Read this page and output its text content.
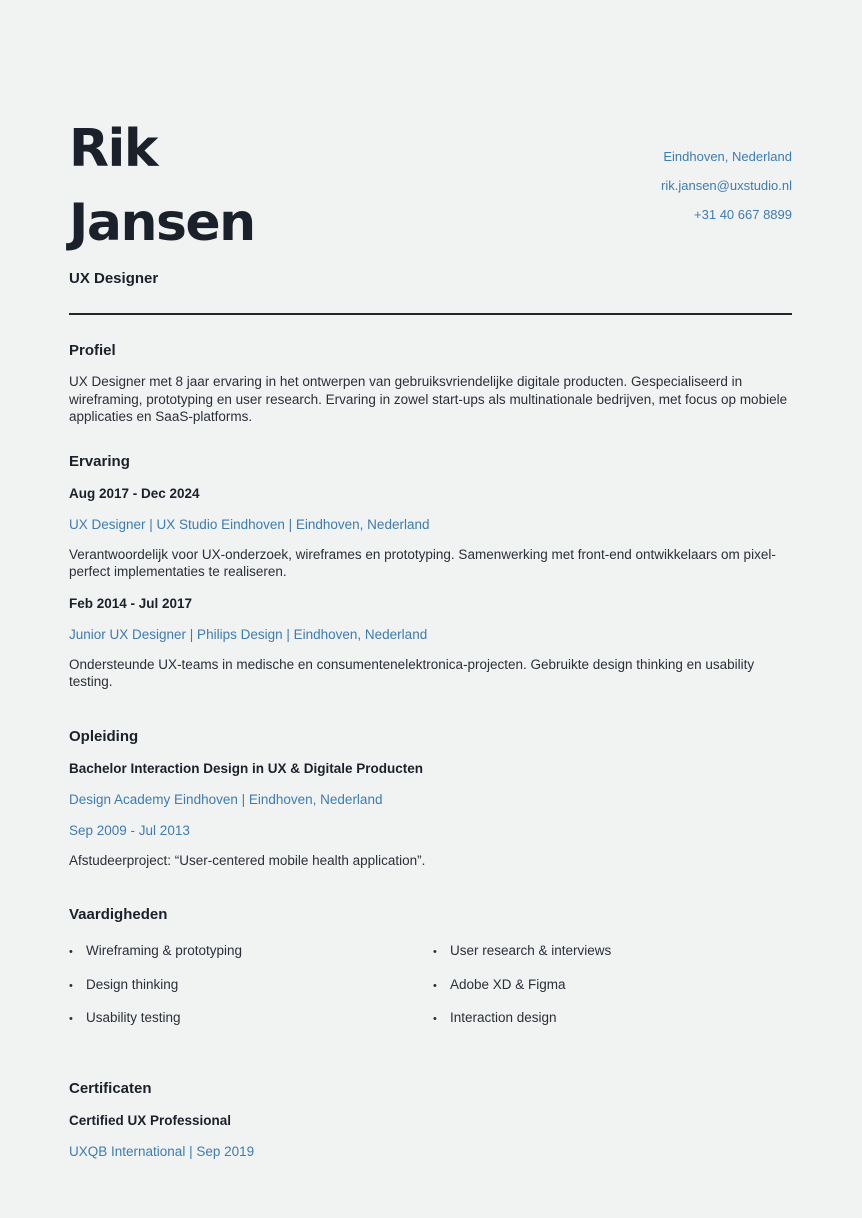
Rik
Jansen
UX Designer
Eindhoven, Nederland
rik.jansen@uxstudio.nl
+31 40 667 8899
Profiel

UX Designer met 8 jaar ervaring in het ontwerpen van gebruiksvriendelijke digitale producten. Gespecialiseerd in wireframing, prototyping en user research. Ervaring in zowel start-ups als multinationale bedrijven, met focus op mobiele applicaties en SaaS-platforms.

Ervaring
Aug 2017 - Dec 2024
UX Designer | UX Studio Eindhoven | Eindhoven, Nederland

Verantwoordelijk voor UX-onderzoek, wireframes en prototyping. Samenwerking met front-end ontwikkelaars om pixel-perfect implementaties te realiseren.

Feb 2014 - Jul 2017
Junior UX Designer | Philips Design | Eindhoven, Nederland

Ondersteunde UX-teams in medische en consumentenelektronica-projecten. Gebruikte design thinking en usability testing.

Opleiding
Bachelor Interaction Design in UX & Digitale Producten
Design Academy Eindhoven | Eindhoven, Nederland
Sep 2009 - Jul 2013

Afstudeerproject: “User-centered mobile health application”.

Vaardigheden
• Wireframing & prototyping
• Design thinking
• Usability testing
• User research & interviews
• Adobe XD & Figma
• Interaction design
Certificaten
Certified UX Professional
UXQB International | Sep 2019
